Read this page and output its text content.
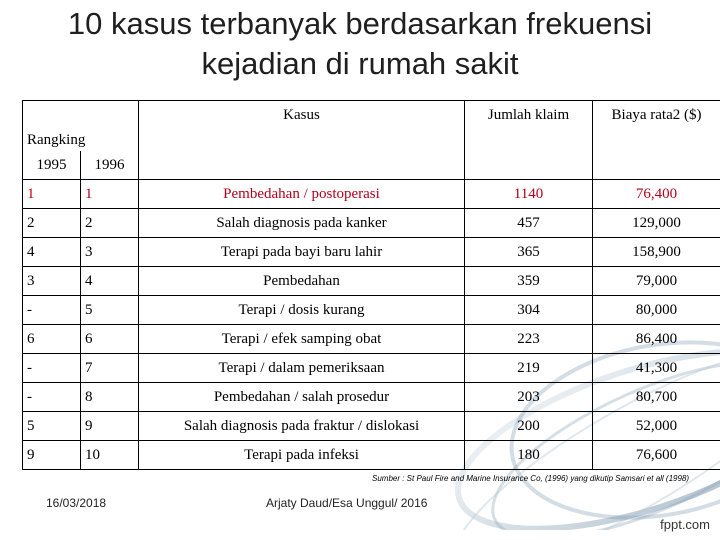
10 kasus terbanyak berdasarkan frekuensi
kejadian di rumah sakit
Rangking		Kasus	Jumlah klaim	Biaya rata2 ($)
1995	1996			
1	1	Pembedahan / postoperasi	1140	76,400
2	2	Salah diagnosis pada kanker	457	129,000
4	3	Terapi pada bayi baru lahir	365	158,900
3	4	Pembedahan	359	79,000
-	5	Terapi / dosis kurang	304	80,000
6	6	Terapi / efek samping obat	223	86,400
-	7	Terapi / dalam pemeriksaan	219	41,300
-	8	Pembedahan / salah prosedur	203	80,700
5	9	Salah diagnosis pada fraktur / dislokasi	200	52,000
9	10	Terapi pada infeksi	180	76,600
Sumber : St Paul Fire and Marine Insurance Co, (1996) yang dikutip Samsari et all (1998)
16/03/2018	Arjaty Daud/Esa Unggul/ 2016
fppt.com
